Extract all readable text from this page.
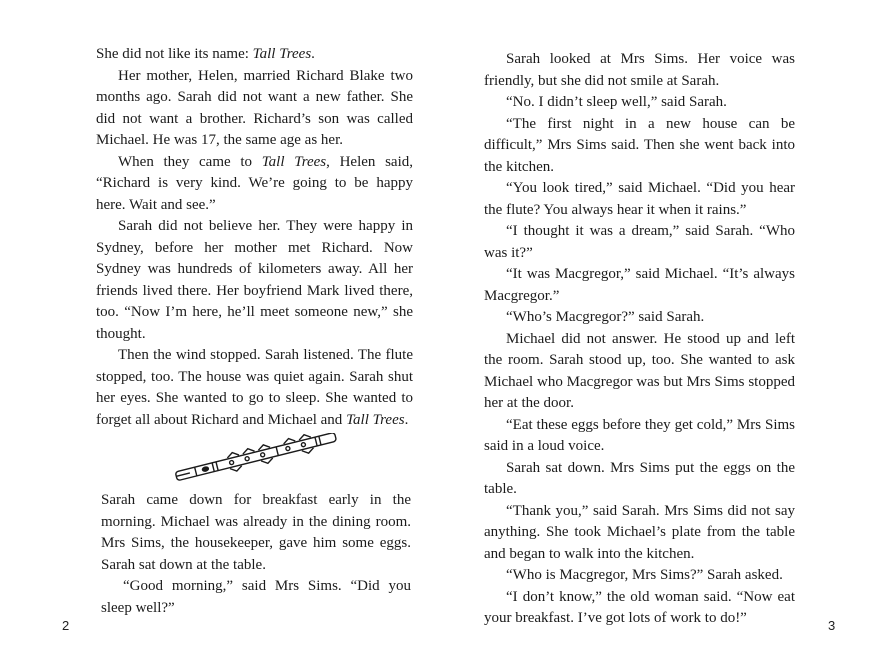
She did not like its name: Tall Trees.

Her mother, Helen, married Richard Blake two months ago. Sarah did not want a new father. She did not want a brother. Richard’s son was called Michael. He was 17, the same age as her.

When they came to Tall Trees, Helen said, “Richard is very kind. We’re going to be happy here. Wait and see.”

Sarah did not believe her. They were happy in Sydney, before her mother met Richard. Now Sydney was hundreds of kilometers away. All her friends lived there. Her boyfriend Mark lived there, too. “Now I’m here, he’ll meet someone new,” she thought.

Then the wind stopped. Sarah listened. The flute stopped, too. The house was quiet again. Sarah shut her eyes. She wanted to go to sleep. She wanted to forget all about Richard and Michael and Tall Trees.

Sarah came down for breakfast early in the morning. Michael was already in the dining room. Mrs Sims, the housekeeper, gave him some eggs. Sarah sat down at the table.

“Good morning,” said Mrs Sims. “Did you sleep well?”

2

Sarah looked at Mrs Sims. Her voice was friendly, but she did not smile at Sarah.

“No. I didn’t sleep well,” said Sarah.

“The first night in a new house can be difficult,” Mrs Sims said. Then she went back into the kitchen.

“You look tired,” said Michael. “Did you hear the flute? You always hear it when it rains.”

“I thought it was a dream,” said Sarah. “Who was it?”

“It was Macgregor,” said Michael. “It’s always Macgregor.”

“Who’s Macgregor?” said Sarah.

Michael did not answer. He stood up and left the room. Sarah stood up, too. She wanted to ask Michael who Macgregor was but Mrs Sims stopped her at the door.

“Eat these eggs before they get cold,” Mrs Sims said in a loud voice.

Sarah sat down. Mrs Sims put the eggs on the table.

“Thank you,” said Sarah. Mrs Sims did not say anything. She took Michael’s plate from the table and began to walk into the kitchen.

“Who is Macgregor, Mrs Sims?” Sarah asked.

“I don’t know,” the old woman said. “Now eat your breakfast. I’ve got lots of work to do!”	3
